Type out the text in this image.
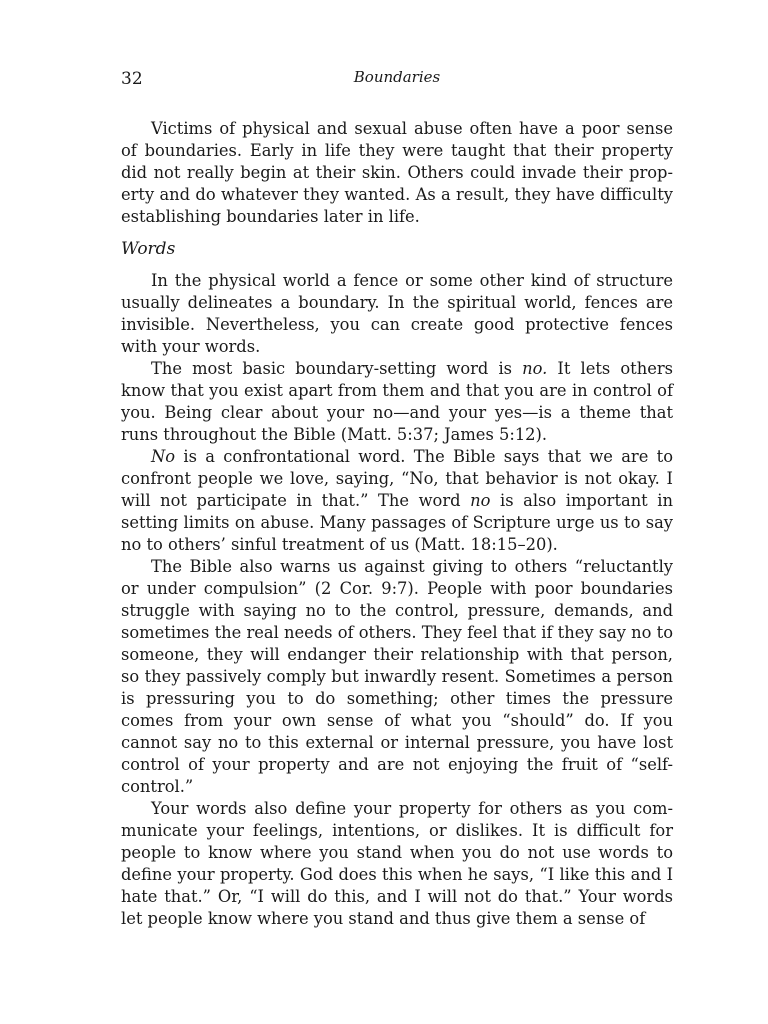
32	Boundaries

Victims of physical and sexual abuse often have a poor sense of boundaries. Early in life they were taught that their property did not really begin at their skin. Others could invade their property and do whatever they wanted. As a result, they have difficulty establishing boundaries later in life.

Words

In the physical world a fence or some other kind of structure usually delineates a boundary. In the spiritual world, fences are invisible. Nevertheless, you can create good protective fences with your words.

The most basic boundary-setting word is no. It lets others know that you exist apart from them and that you are in control of you. Being clear about your no—and your yes—is a theme that runs throughout the Bible (Matt. 5:37; James 5:12).

No is a confrontational word. The Bible says that we are to confront people we love, saying, “No, that behavior is not okay. I will not participate in that.” The word no is also important in setting limits on abuse. Many passages of Scripture urge us to say no to others’ sinful treatment of us (Matt. 18:15–20).

The Bible also warns us against giving to others “reluctantly or under compulsion” (2 Cor. 9:7). People with poor boundaries struggle with saying no to the control, pressure, demands, and sometimes the real needs of others. They feel that if they say no to someone, they will endanger their relationship with that person, so they passively comply but inwardly resent. Sometimes a person is pressuring you to do something; other times the pressure comes from your own sense of what you “should” do. If you cannot say no to this external or internal pressure, you have lost control of your property and are not enjoying the fruit of “self-control.”

Your words also define your property for others as you communicate your feelings, intentions, or dislikes. It is difficult for people to know where you stand when you do not use words to define your property. God does this when he says, “I like this and I hate that.” Or, “I will do this, and I will not do that.” Your words let people know where you stand and thus give them a sense of
